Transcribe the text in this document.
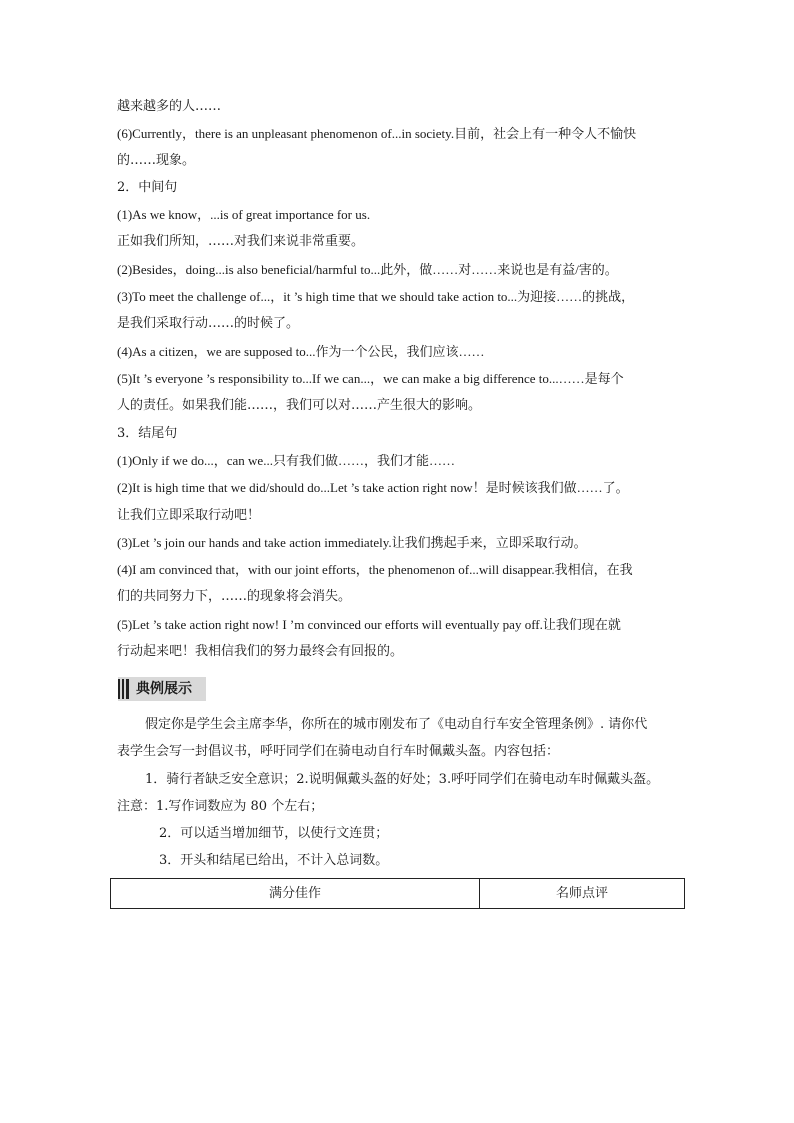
越来越多的人……
(6)Currently，there is an unpleasant phenomenon of...in society.目前，社会上有一种令人不愉快
的……现象。
2．中间句
(1)As we know，...is of great importance for us.
正如我们所知，……对我们来说非常重要。
(2)Besides，doing...is also beneficial/harmful to...此外，做……对……来说也是有益/害的。
(3)To meet the challenge of...，it ’s high time that we should take action to...为迎接……的挑战，
是我们采取行动……的时候了。
(4)As a citizen，we are supposed to...作为一个公民，我们应该……
(5)It ’s everyone ’s responsibility to...If we can...，we can make a big difference to...……是每个
人的责任。如果我们能……，我们可以对……产生很大的影响。
3．结尾句
(1)Only if we do...，can we...只有我们做……，我们才能……
(2)It is high time that we did/should do...Let ’s take action right now！是时候该我们做……了。
让我们立即采取行动吧！
(3)Let ’s join our hands and take action immediately.让我们携起手来，立即采取行动。
(4)I am convinced that，with our joint efforts，the phenomenon of...will disappear.我相信，在我
们的共同努力下，……的现象将会消失。
(5)Let ’s take action right now! I ’m convinced our efforts will eventually pay off.让我们现在就
行动起来吧！我相信我们的努力最终会有回报的。
典例展示
假定你是学生会主席李华，你所在的城市刚发布了《电动自行车安全管理条例》. 请你代
表学生会写一封倡议书，呼吁同学们在骑电动自行车时佩戴头盔。内容包括：
1．骑行者缺乏安全意识；2.说明佩戴头盔的好处；3.呼吁同学们在骑电动车时佩戴头盔。
注意：1.写作词数应为 80 个左右；
2．可以适当增加细节，以使行文连贯；
3．开头和结尾已给出，不计入总词数。
满分佳作	名师点评
